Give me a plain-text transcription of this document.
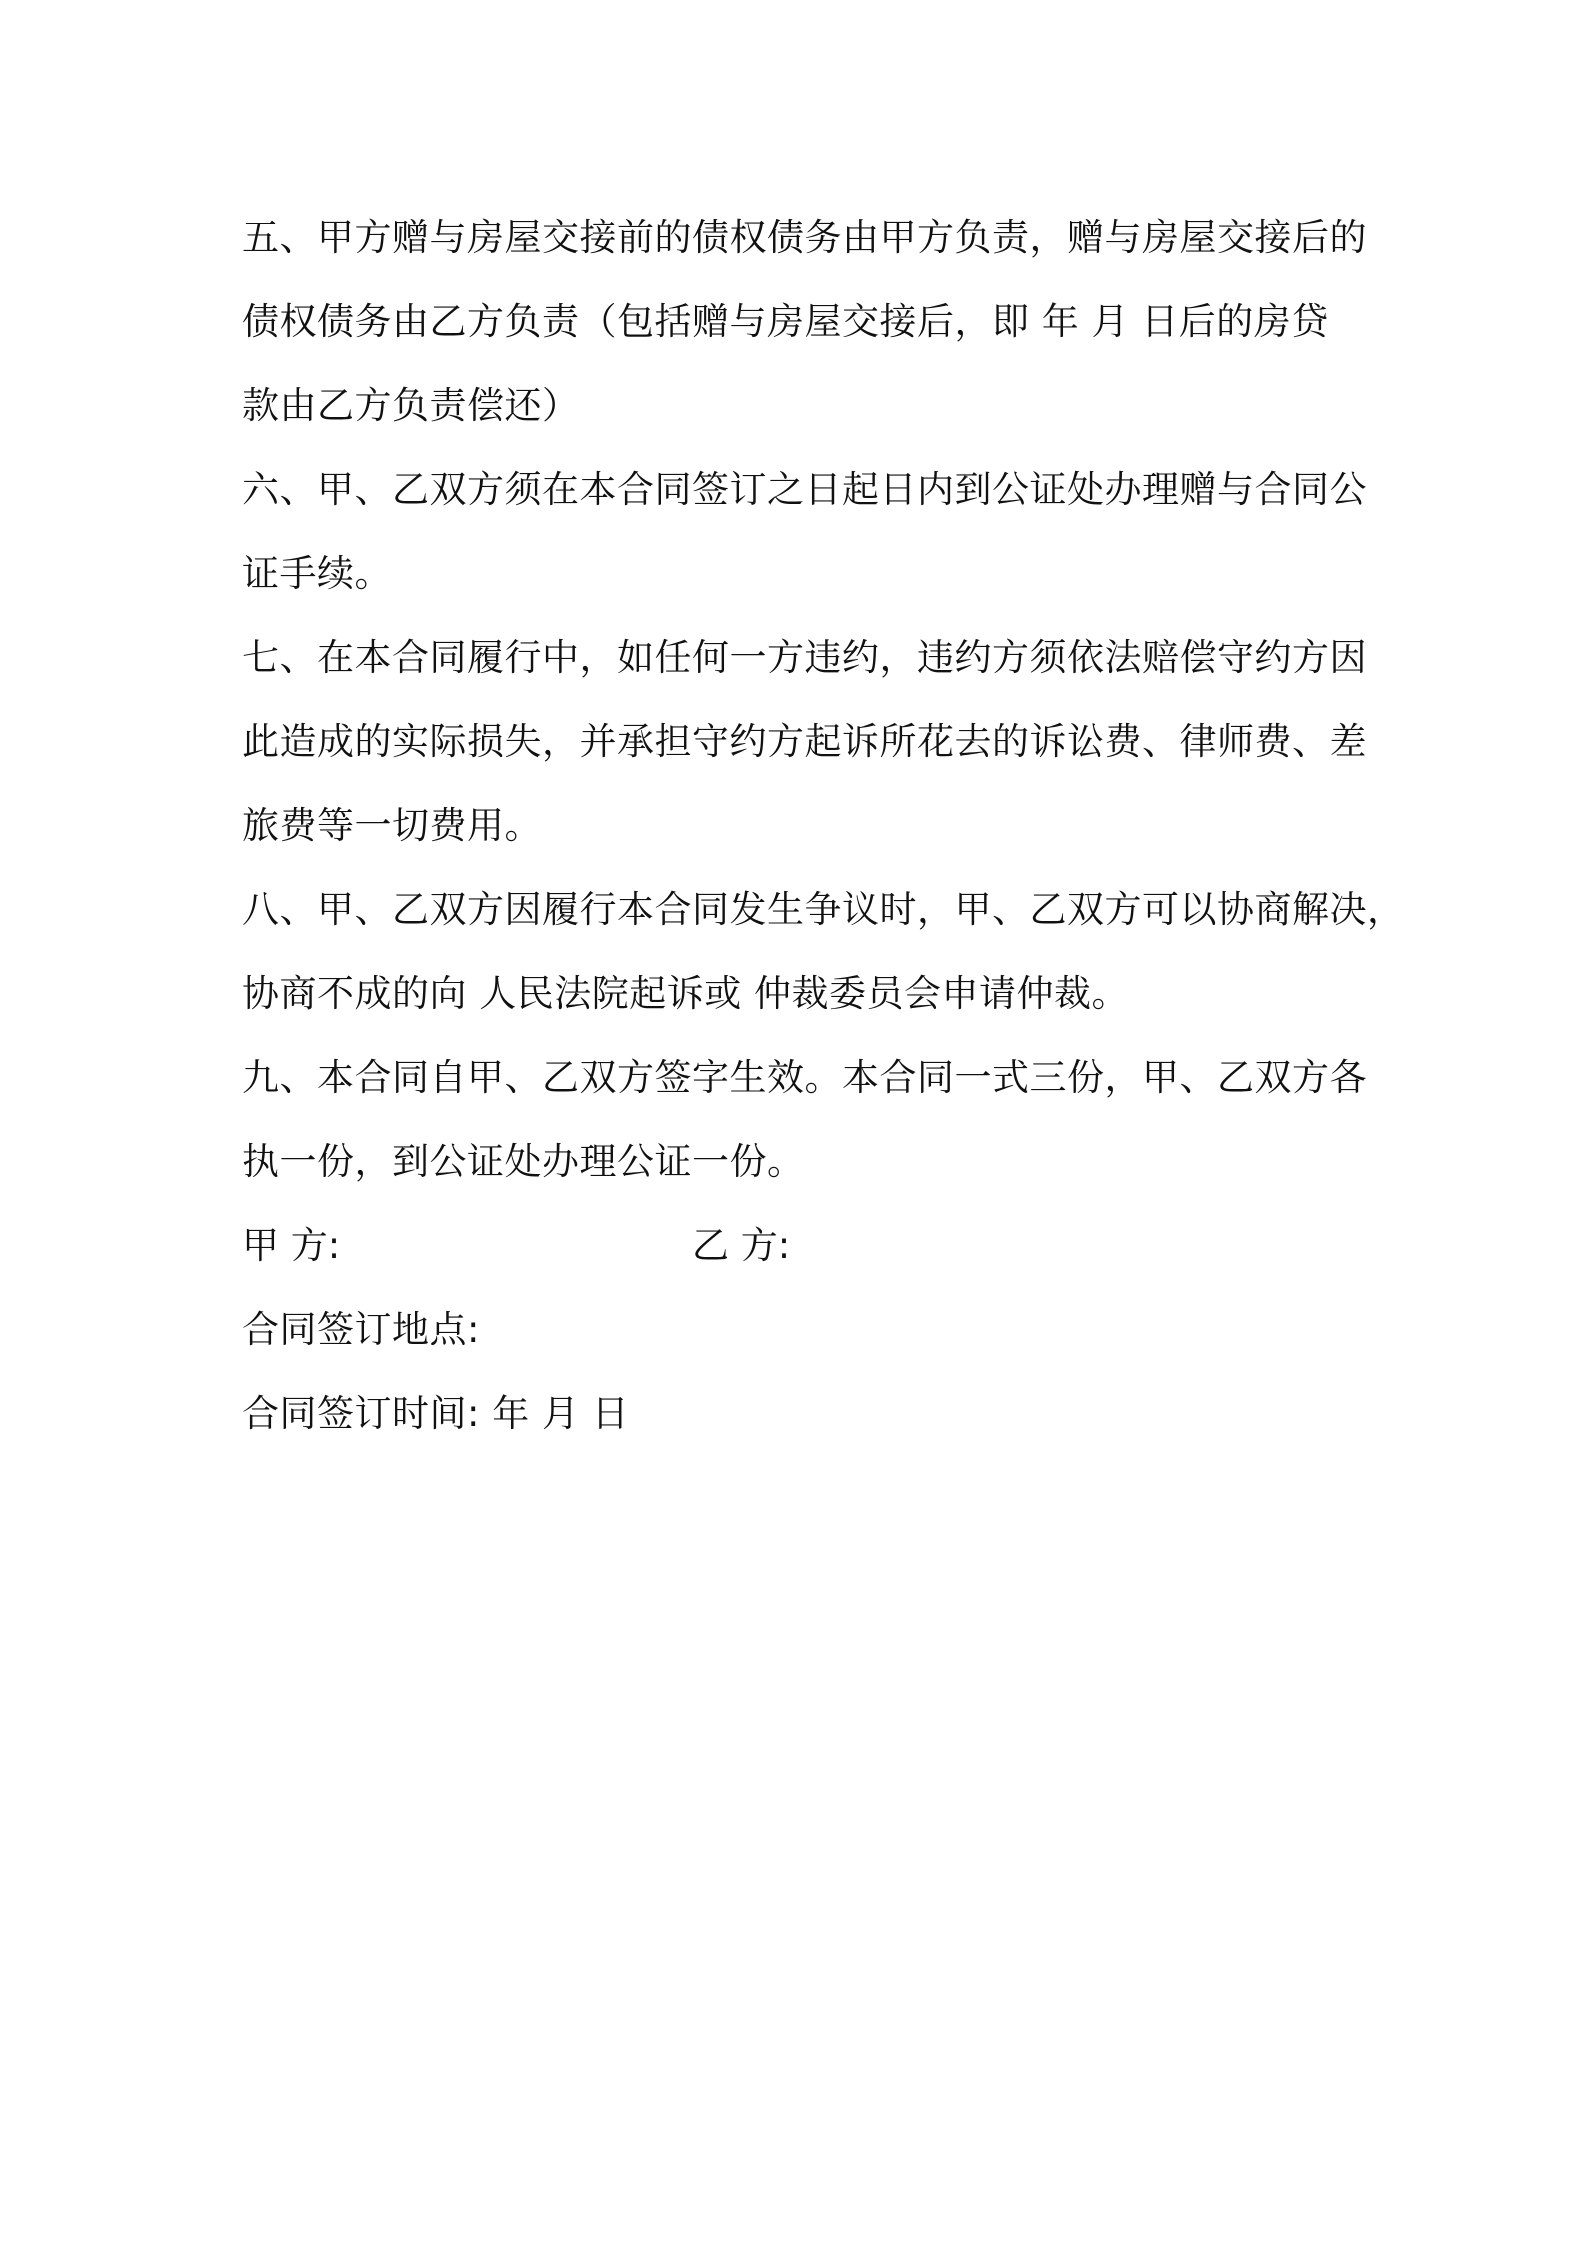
五、甲方赠与房屋交接前的债权债务由甲方负责，赠与房屋交接后的
债权债务由乙方负责（包括赠与房屋交接后，即 年 月 日后的房贷
款由乙方负责偿还）
六、甲、乙双方须在本合同签订之日起日内到公证处办理赠与合同公
证手续。
七、在本合同履行中，如任何一方违约，违约方须依法赔偿守约方因
此造成的实际损失，并承担守约方起诉所花去的诉讼费、律师费、差
旅费等一切费用。
八、甲、乙双方因履行本合同发生争议时，甲、乙双方可以协商解决，
协商不成的向 人民法院起诉或 仲裁委员会申请仲裁。
九、本合同自甲、乙双方签字生效。本合同一式三份，甲、乙双方各
执一份，到公证处办理公证一份。
甲 方:	乙 方:
合同签订地点:
合同签订时间: 年 月 日
